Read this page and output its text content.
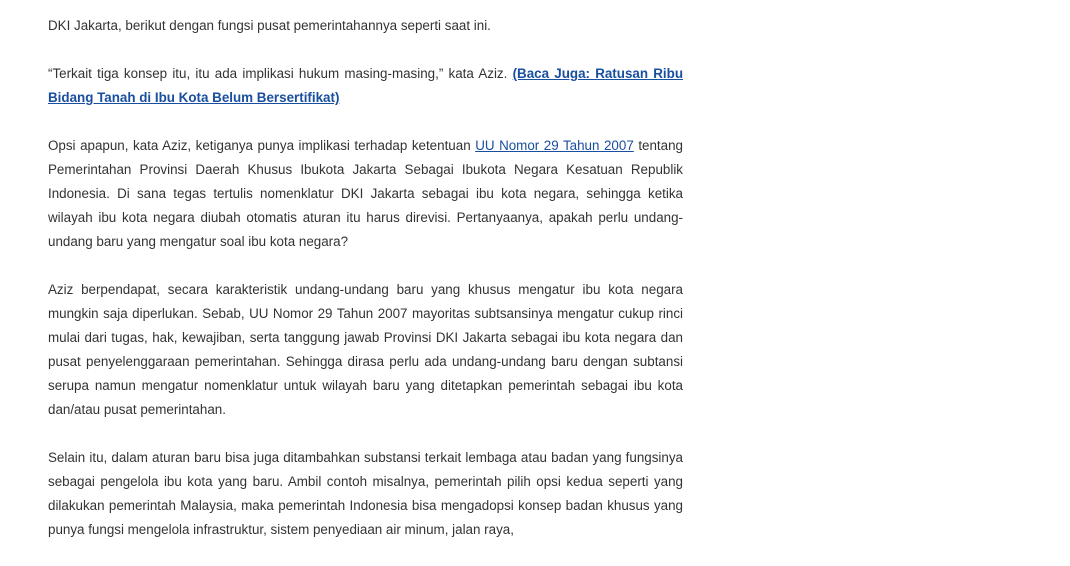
DKI Jakarta, berikut dengan fungsi pusat pemerintahannya seperti saat ini.

“Terkait tiga konsep itu, itu ada implikasi hukum masing-masing,” kata Aziz. (Baca Juga: Ratusan Ribu Bidang Tanah di Ibu Kota Belum Bersertifikat)

Opsi apapun, kata Aziz, ketiganya punya implikasi terhadap ketentuan UU Nomor 29 Tahun 2007 tentang Pemerintahan Provinsi Daerah Khusus Ibukota Jakarta Sebagai Ibukota Negara Kesatuan Republik Indonesia. Di sana tegas tertulis nomenklatur DKI Jakarta sebagai ibu kota negara, sehingga ketika wilayah ibu kota negara diubah otomatis aturan itu harus direvisi. Pertanyaanya, apakah perlu undang-undang baru yang mengatur soal ibu kota negara?

Aziz berpendapat, secara karakteristik undang-undang baru yang khusus mengatur ibu kota negara mungkin saja diperlukan. Sebab, UU Nomor 29 Tahun 2007 mayoritas subtsansinya mengatur cukup rinci mulai dari tugas, hak, kewajiban, serta tanggung jawab Provinsi DKI Jakarta sebagai ibu kota negara dan pusat penyelenggaraan pemerintahan. Sehingga dirasa perlu ada undang-undang baru dengan subtansi serupa namun mengatur nomenklatur untuk wilayah baru yang ditetapkan pemerintah sebagai ibu kota dan/atau pusat pemerintahan.

Selain itu, dalam aturan baru bisa juga ditambahkan substansi terkait lembaga atau badan yang fungsinya sebagai pengelola ibu kota yang baru. Ambil contoh misalnya, pemerintah pilih opsi kedua seperti yang dilakukan pemerintah Malaysia, maka pemerintah Indonesia bisa mengadopsi konsep badan khusus yang punya fungsi mengelola infrastruktur, sistem penyediaan air minum, jalan raya,
